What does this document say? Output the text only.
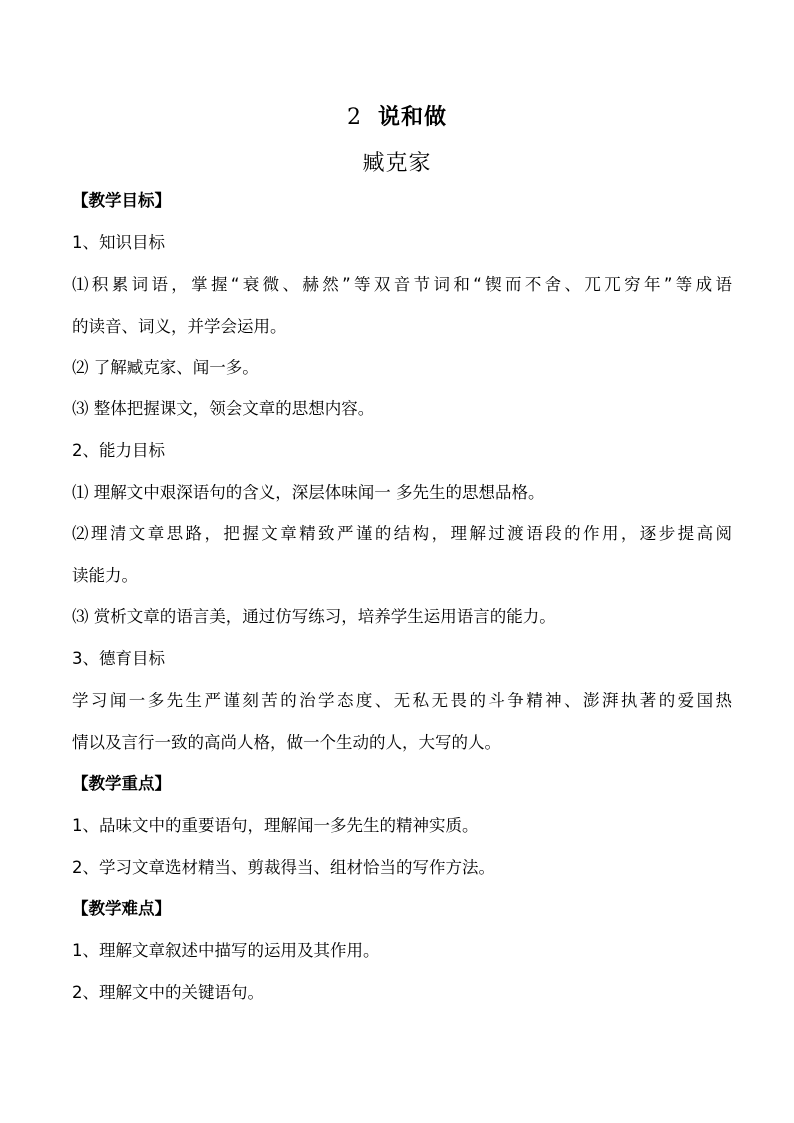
2 说和做
臧克家
【教学目标】
1、知识目标
⑴积累词语，掌握“衰微、赫然”等双音节词和“锲而不舍、兀兀穷年”等成语
的读音、词义，并学会运用。
⑵ 了解臧克家、闻一多。
⑶ 整体把握课文，领会文章的思想内容。
2、能力目标
⑴ 理解文中艰深语句的含义，深层体味闻一 多先生的思想品格。
⑵理清文章思路，把握文章精致严谨的结构，理解过渡语段的作用，逐步提高阅
读能力。
⑶ 赏析文章的语言美，通过仿写练习，培养学生运用语言的能力。
3、德育目标
学习闻一多先生严谨刻苦的治学态度、无私无畏的斗争精神、澎湃执著的爱国热
情以及言行一致的高尚人格，做一个生动的人，大写的人。
【教学重点】
1、品味文中的重要语句，理解闻一多先生的精神实质。
2、学习文章选材精当、剪裁得当、组材恰当的写作方法。
【教学难点】
1、理解文章叙述中描写的运用及其作用。
2、理解文中的关键语句。
